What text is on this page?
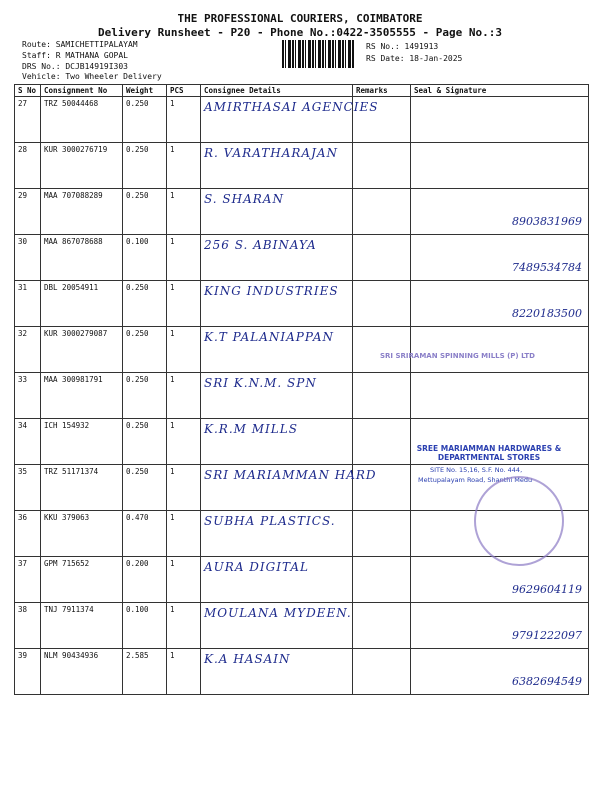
THE PROFESSIONAL COURIERS, COIMBATORE
Delivery Runsheet - P20 - Phone No.:0422-3505555 - Page No.:3
Route: SAMICHETTIPALAYAM
Staff: R MATHANA GOPAL
DRS No.: DCJB14919I303
Vehicle: Two Wheeler Delivery
RS No.: 1491913
RS Date: 18-Jan-2025
S No	Consignment No	Weight	PCS	Consignee Details	Remarks	Seal & Signature
27	TRZ 50044468	0.250	1	AMIRTHASAI AGENCIES		
28	KUR 3000276719	0.250	1	R. VARATHARAJAN		
29	MAA 707088289	0.250	1	S. SHARAN		8903831969

30	MAA 867078688	0.100	1	256 S. ABINAYA		7489534784

31	DBL 20054911	0.250	1	KING INDUSTRIES		8220183500

32	KUR 3000279087	0.250	1	K.T PALANIAPPAN		
33	MAA 300981791	0.250	1	SRI K.N.M. SPN		
34	ICH 154932	0.250	1	K.R.M MILLS		
35	TRZ 51171374	0.250	1	SRI MARIAMMAN HARD		
36	KKU 379063	0.470	1	SUBHA PLASTICS.		
37	GPM 715652	0.200	1	AURA DIGITAL		9629604119

38	TNJ 7911374	0.100	1	MOULANA MYDEEN.		9791222097

39	NLM 90434936	2.585	1	K.A HASAIN		6382694549
SRI SRIRAMAN SPINNING MILLS (P) LTD
SREE MARIAMMAN HARDWARES & DEPARTMENTAL STORES
SITE No. 15,16, S.F. No. 444,
Mettupalayam Road, Shanthi Medu
